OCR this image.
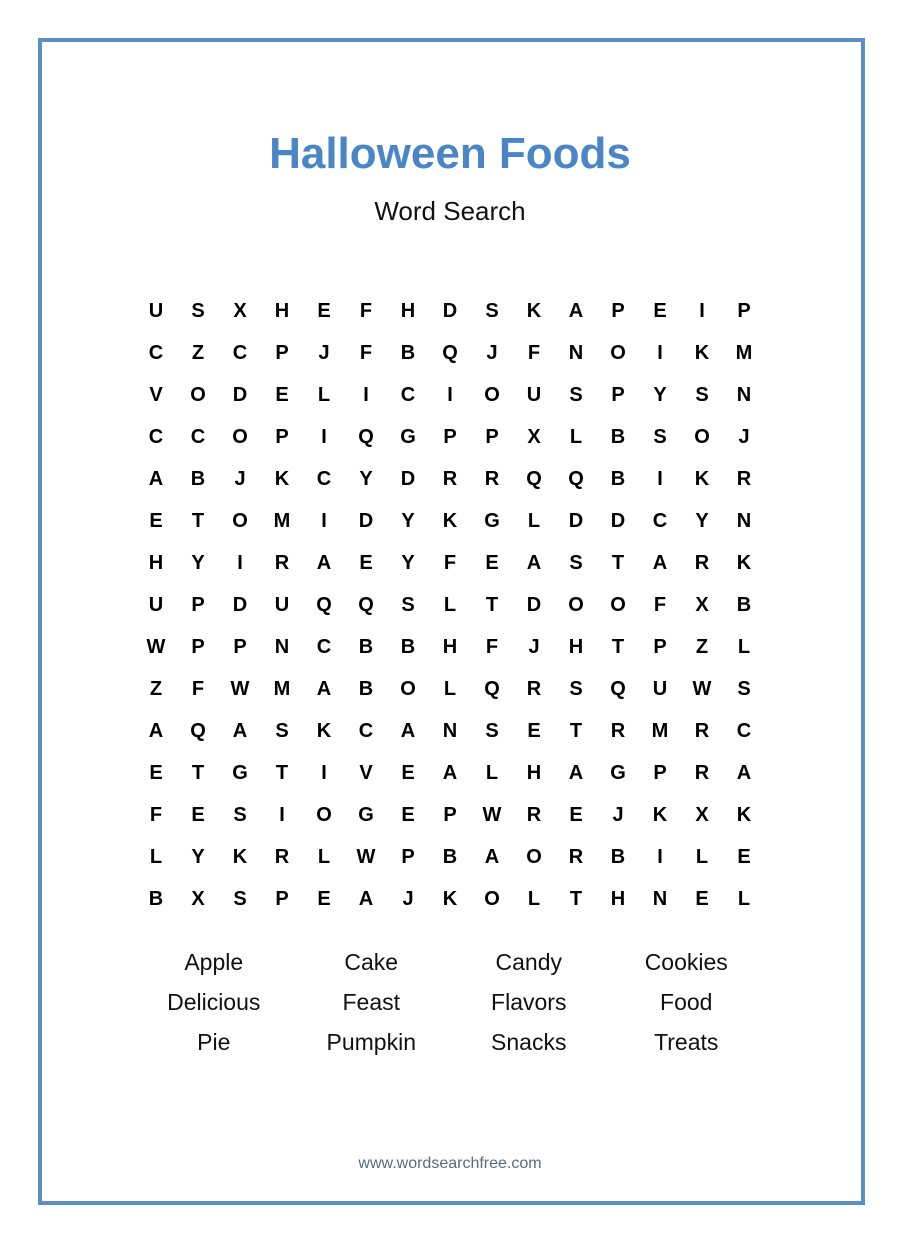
Halloween Foods
Word Search
U	S	X	H	E	F	H	D	S	K	A	P	E	I	P
C	Z	C	P	J	F	B	Q	J	F	N	O	I	K	M
V	O	D	E	L	I	C	I	O	U	S	P	Y	S	N
C	C	O	P	I	Q	G	P	P	X	L	B	S	O	J
A	B	J	K	C	Y	D	R	R	Q	Q	B	I	K	R
E	T	O	M	I	D	Y	K	G	L	D	D	C	Y	N
H	Y	I	R	A	E	Y	F	E	A	S	T	A	R	K
U	P	D	U	Q	Q	S	L	T	D	O	O	F	X	B
W	P	P	N	C	B	B	H	F	J	H	T	P	Z	L
Z	F	W	M	A	B	O	L	Q	R	S	Q	U	W	S
A	Q	A	S	K	C	A	N	S	E	T	R	M	R	C
E	T	G	T	I	V	E	A	L	H	A	G	P	R	A
F	E	S	I	O	G	E	P	W	R	E	J	K	X	K
L	Y	K	R	L	W	P	B	A	O	R	B	I	L	E
B	X	S	P	E	A	J	K	O	L	T	H	N	E	L
Apple	Cake	Candy	Cookies
Delicious	Feast	Flavors	Food
Pie	Pumpkin	Snacks	Treats
www.wordsearchfree.com
